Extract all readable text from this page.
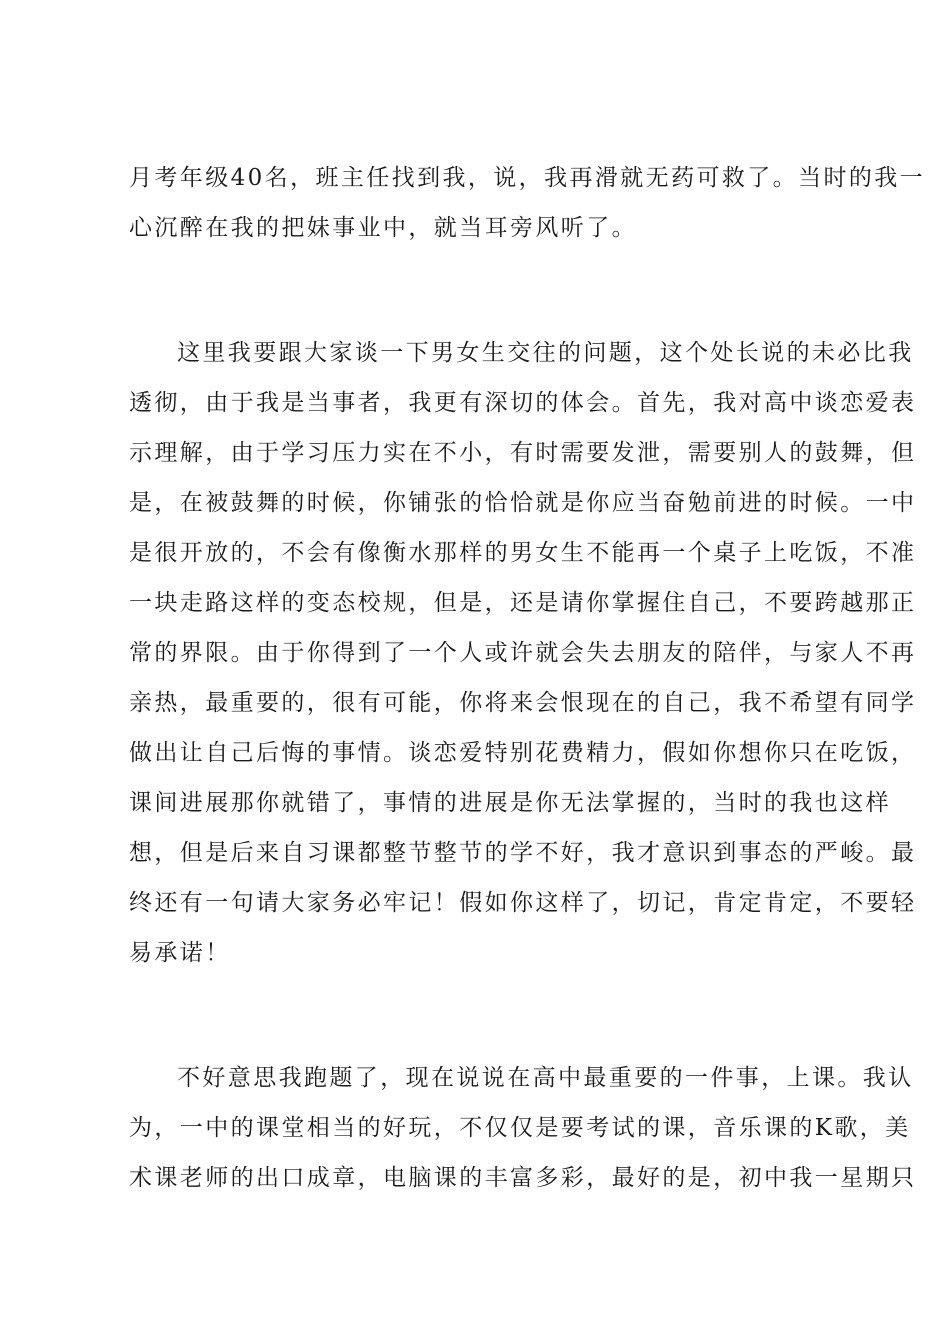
月考年级40名，班主任找到我，说，我再滑就无药可救了。当时的我一
心沉醉在我的把妹事业中，就当耳旁风听了。
这里我要跟大家谈一下男女生交往的问题，这个处长说的未必比我
透彻，由于我是当事者，我更有深切的体会。首先，我对高中谈恋爱表
示理解，由于学习压力实在不小，有时需要发泄，需要别人的鼓舞，但
是，在被鼓舞的时候，你铺张的恰恰就是你应当奋勉前进的时候。一中
是很开放的，不会有像衡水那样的男女生不能再一个桌子上吃饭，不准
一块走路这样的变态校规，但是，还是请你掌握住自己，不要跨越那正
常的界限。由于你得到了一个人或许就会失去朋友的陪伴，与家人不再
亲热，最重要的，很有可能，你将来会恨现在的自己，我不希望有同学
做出让自己后悔的事情。谈恋爱特别花费精力，假如你想你只在吃饭，
课间进展那你就错了，事情的进展是你无法掌握的，当时的我也这样
想，但是后来自习课都整节整节的学不好，我才意识到事态的严峻。最
终还有一句请大家务必牢记！假如你这样了，切记，肯定肯定，不要轻
易承诺！
不好意思我跑题了，现在说说在高中最重要的一件事，上课。我认
为，一中的课堂相当的好玩，不仅仅是要考试的课，音乐课的K歌，美
术课老师的出口成章，电脑课的丰富多彩，最好的是，初中我一星期只
